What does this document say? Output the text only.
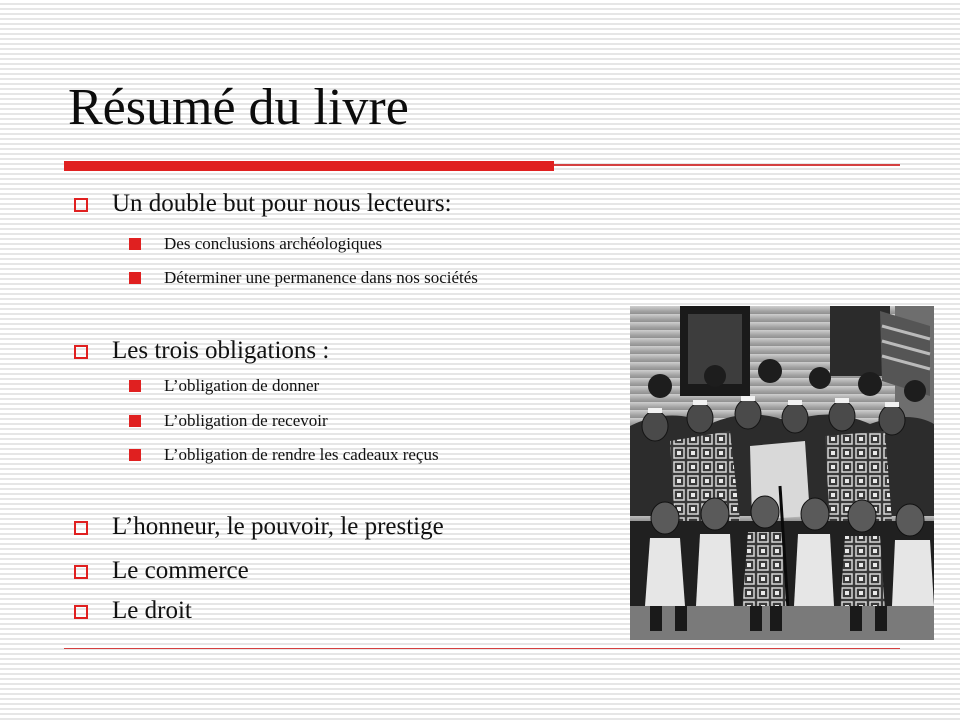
Résumé du livre
Un double but pour nous lecteurs:
Des conclusions archéologiques
Déterminer une permanence dans nos sociétés
Les trois obligations :
L’obligation de donner
L’obligation de recevoir
L’obligation de rendre les cadeaux reçus
L’honneur, le pouvoir, le prestige
Le commerce
Le droit
